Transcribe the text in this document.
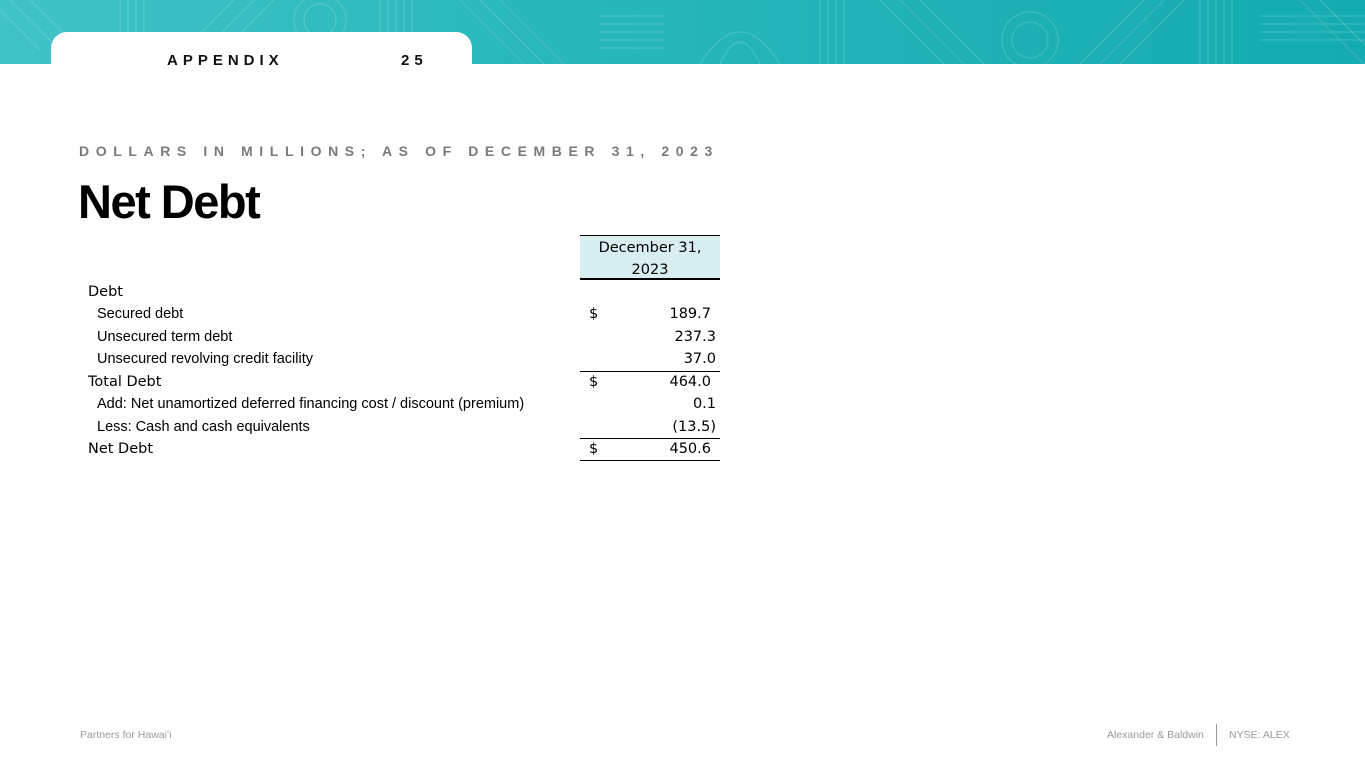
APPENDIX	25
DOLLARS IN MILLIONS; AS OF DECEMBER 31, 2023
Net Debt
December 31,
2023
Debt
Secured debt	$	189.7
Unsecured term debt	237.3
Unsecured revolving credit facility	37.0
Total Debt	$	464.0
Add: Net unamortized deferred financing cost / discount (premium)	0.1
Less: Cash and cash equivalents	(13.5)
Net Debt	$	450.6
Partners for Hawaiʻi	Alexander & Baldwin NYSE: ALEX
